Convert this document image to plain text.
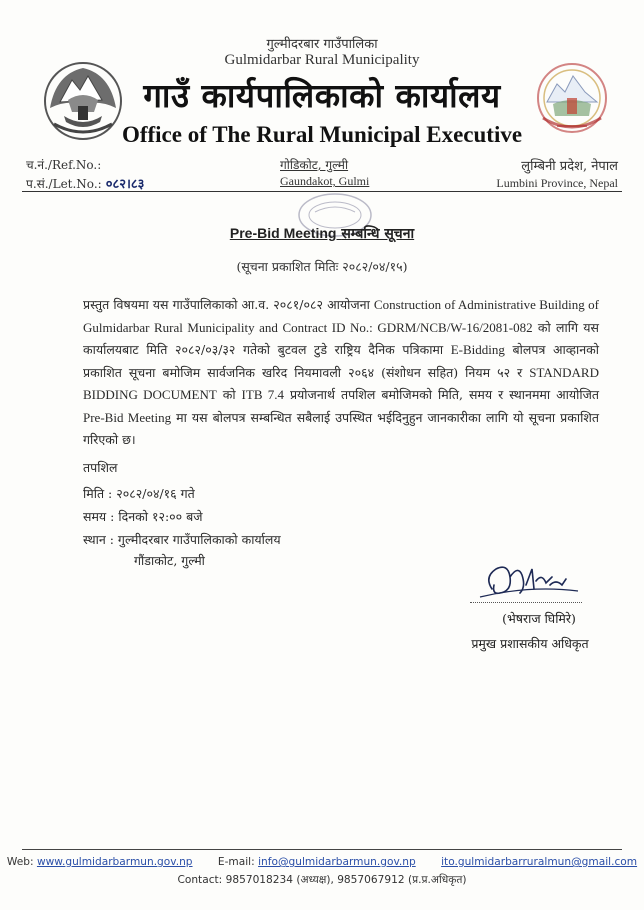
गुल्मीदरबार गाउँपालिका
Gulmidarbar Rural Municipality
गाउँ कार्यपालिकाको कार्यालय
Office of The Rural Municipal Executive
च.नं./Ref.No.:
प.सं./Let.No.: ०८२।८३
गोडिकोट, गुल्मी
Gaundakot, Gulmi
लुम्बिनी प्रदेश, नेपाल
Lumbini Province, Nepal
Pre-Bid Meeting सम्बन्धि सूचना
(सूचना प्रकाशित मितिः २०८२/०४/१५)
प्रस्तुत विषयमा यस गाउँपालिकाको आ.व. २०८१/०८२ आयोजना Construction of Administrative Building of Gulmidarbar Rural Municipality and Contract ID No.: GDRM/NCB/W-16/2081-082 को लागि यस कार्यालयबाट मिति २०८२/०३/३२ गतेको बुटवल टुडे राष्ट्रिय दैनिक पत्रिकामा E-Bidding बोलपत्र आव्हानको प्रकाशित सूचना बमोजिम सार्वजनिक खरिद नियमावली २०६४ (संशोधन सहित) नियम ५२ र STANDARD BIDDING DOCUMENT को ITB 7.4 प्रयोजनार्थ तपशिल बमोजिमको मिति, समय र स्थानममा आयोजित Pre-Bid Meeting मा यस बोलपत्र सम्बन्धित सबैलाई उपस्थित भईदिनुहुन जानकारीका लागि यो सूचना प्रकाशित गरिएको छ।
तपशिल
मिति : २०८२/०४/१६ गते
समय : दिनको १२:०० बजे
स्थान : गुल्मीदरबार गाउँपालिकाको कार्यालय
गौंडाकोट, गुल्मी
(भेषराज घिमिरे)
प्रमुख प्रशासकीय अधिकृत
Web: www.gulmidarbarmun.gov.np E-mail: info@gulmidarbarmun.gov.np ito.gulmidarbarruralmun@gmail.com
Contact: 9857018234 (अध्यक्ष), 9857067912 (प्र.प्र.अधिकृत)
